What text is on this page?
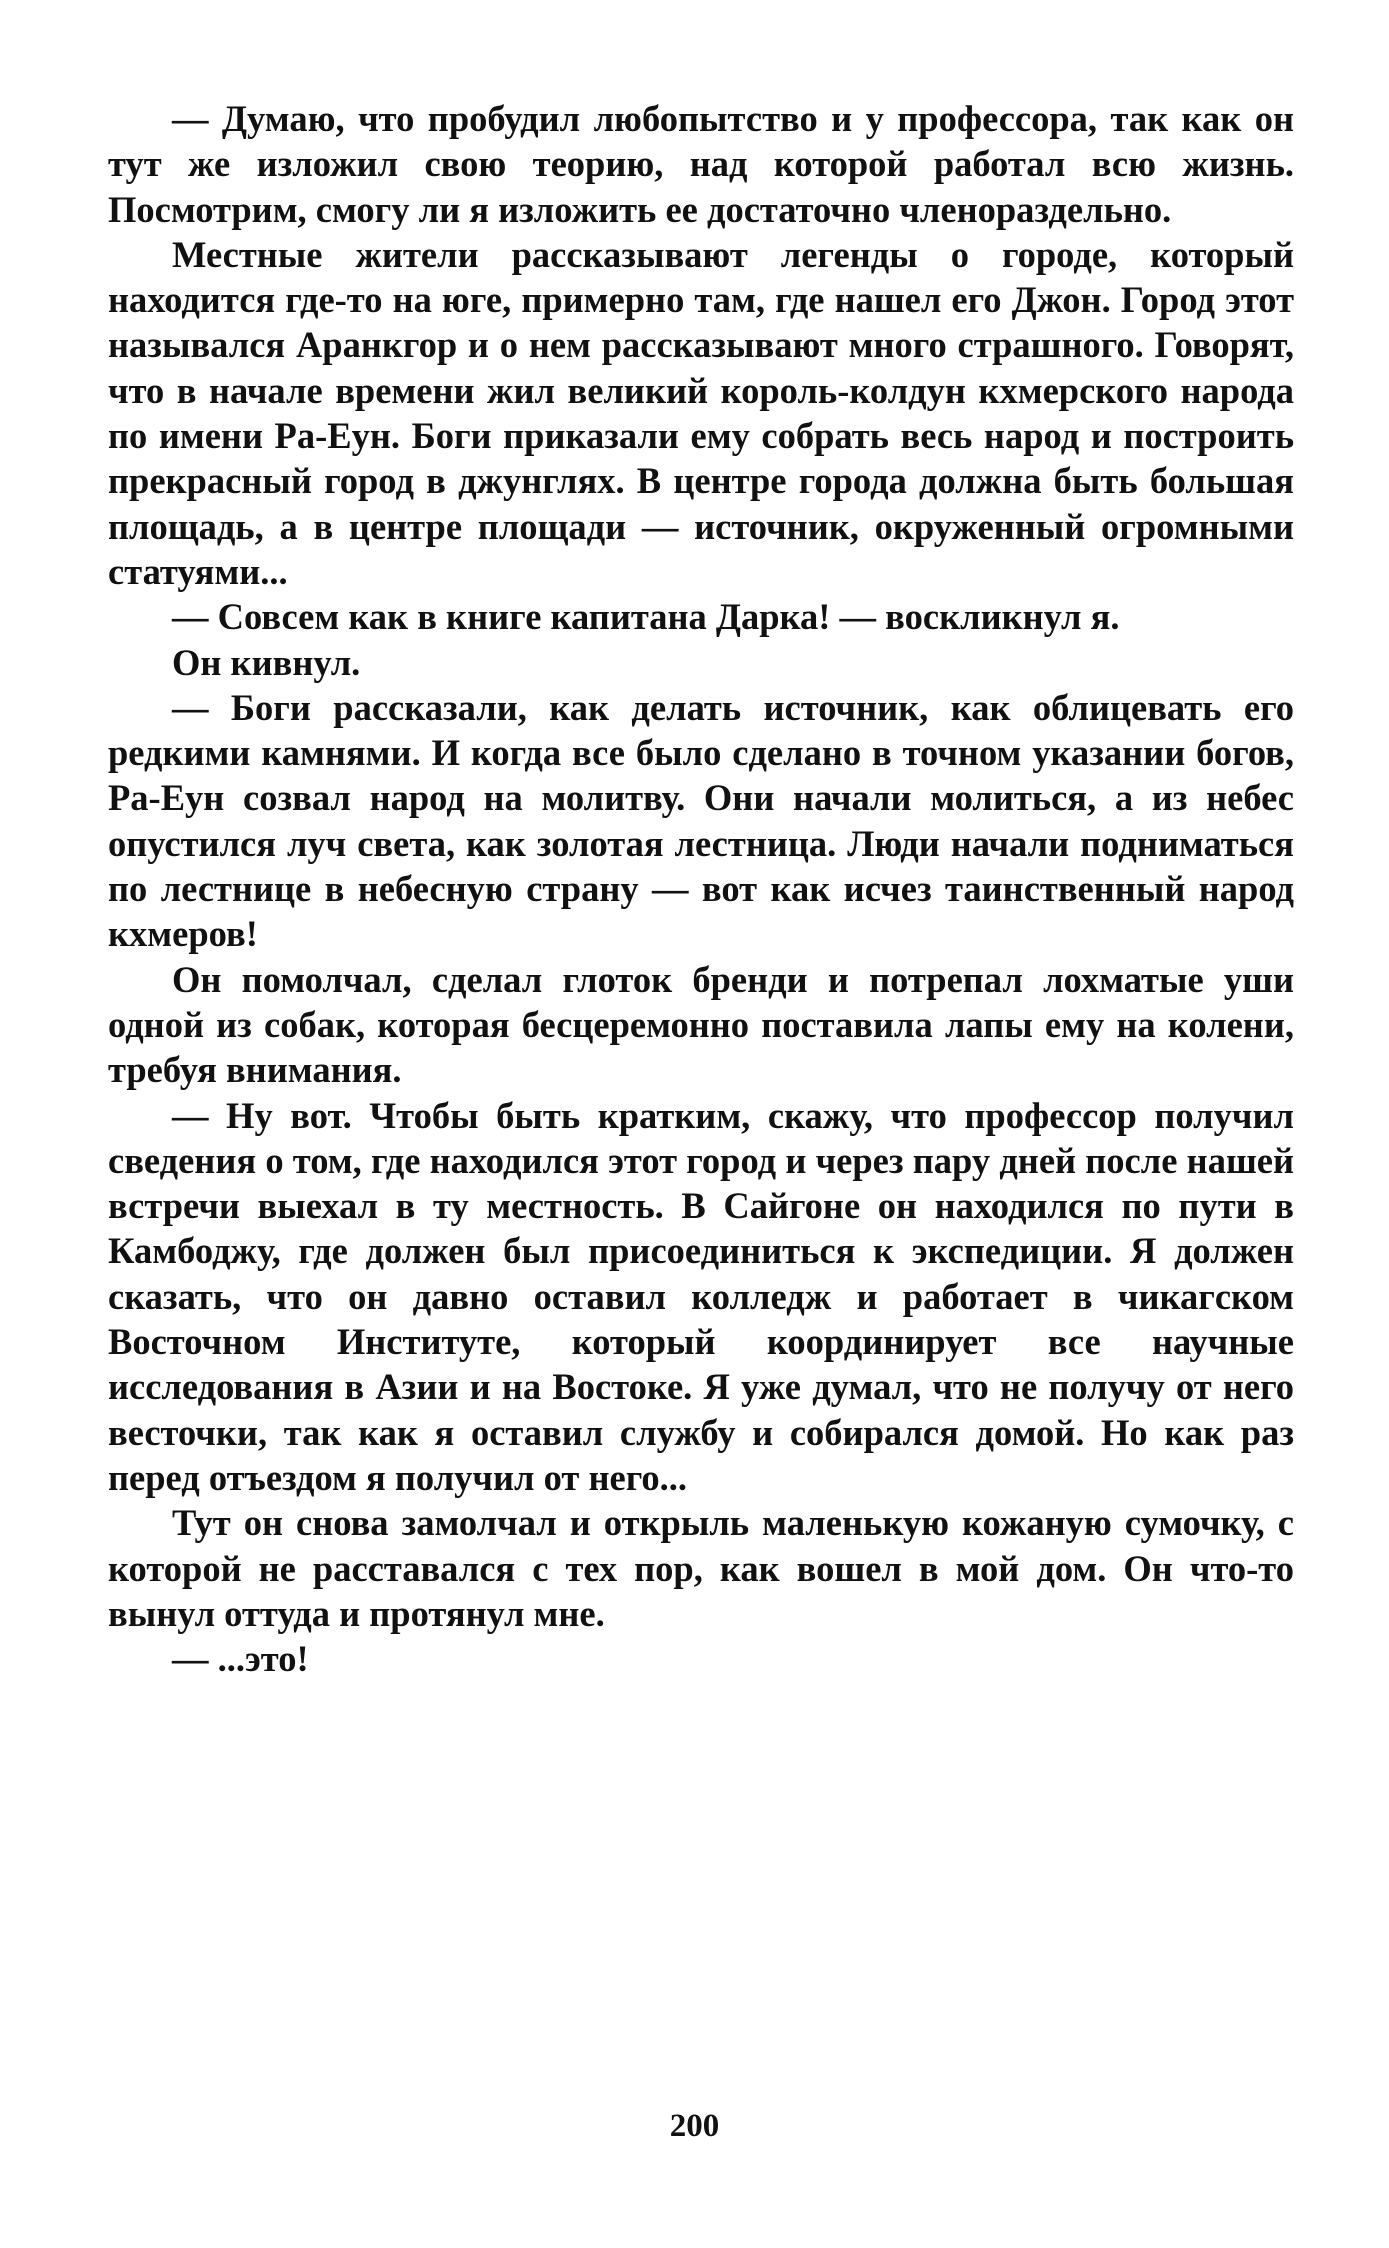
— Думаю, что пробудил любопытство и у профессора, так как он тут же изложил свою теорию, над которой работал всю жизнь. Посмотрим, смогу ли я изложить ее достаточно членораздельно.

Местные жители рассказывают легенды о городе, который находится где-то на юге, примерно там, где нашел его Джон. Город этот назывался Аранкгор и о нем рассказывают много страшного. Говорят, что в начале времени жил великий король-колдун кхмерского народа по имени Ра-Еун. Боги приказали ему собрать весь народ и построить прекрасный город в джунглях. В центре города должна быть большая площадь, а в центре площади — источник, окруженный огромными статуями...

— Совсем как в книге капитана Дарка! — воскликнул я.

Он кивнул.

— Боги рассказали, как делать источник, как облицевать его редкими камнями. И когда все было сделано в точном указании богов, Ра-Еун созвал народ на молитву. Они начали молиться, а из небес опустился луч света, как золотая лестница. Люди начали подниматься по лестнице в небесную страну — вот как исчез таинственный народ кхмеров!

Он помолчал, сделал глоток бренди и потрепал лохматые уши одной из собак, которая бесцеремонно поставила лапы ему на колени, требуя внимания.

— Ну вот. Чтобы быть кратким, скажу, что профессор получил сведения о том, где находился этот город и через пару дней после нашей встречи выехал в ту местность. В Сайгоне он находился по пути в Камбоджу, где должен был присоединиться к экспедиции. Я должен сказать, что он давно оставил колледж и работает в чикагском Восточном Институте, который координирует все научные исследования в Азии и на Востоке. Я уже думал, что не получу от него весточки, так как я оставил службу и собирался домой. Но как раз перед отъездом я получил от него...

Тут он снова замолчал и открыль маленькую кожаную сумочку, с которой не расставался с тех пор, как вошел в мой дом. Он что-то вынул оттуда и протянул мне.

— ...это!

200
